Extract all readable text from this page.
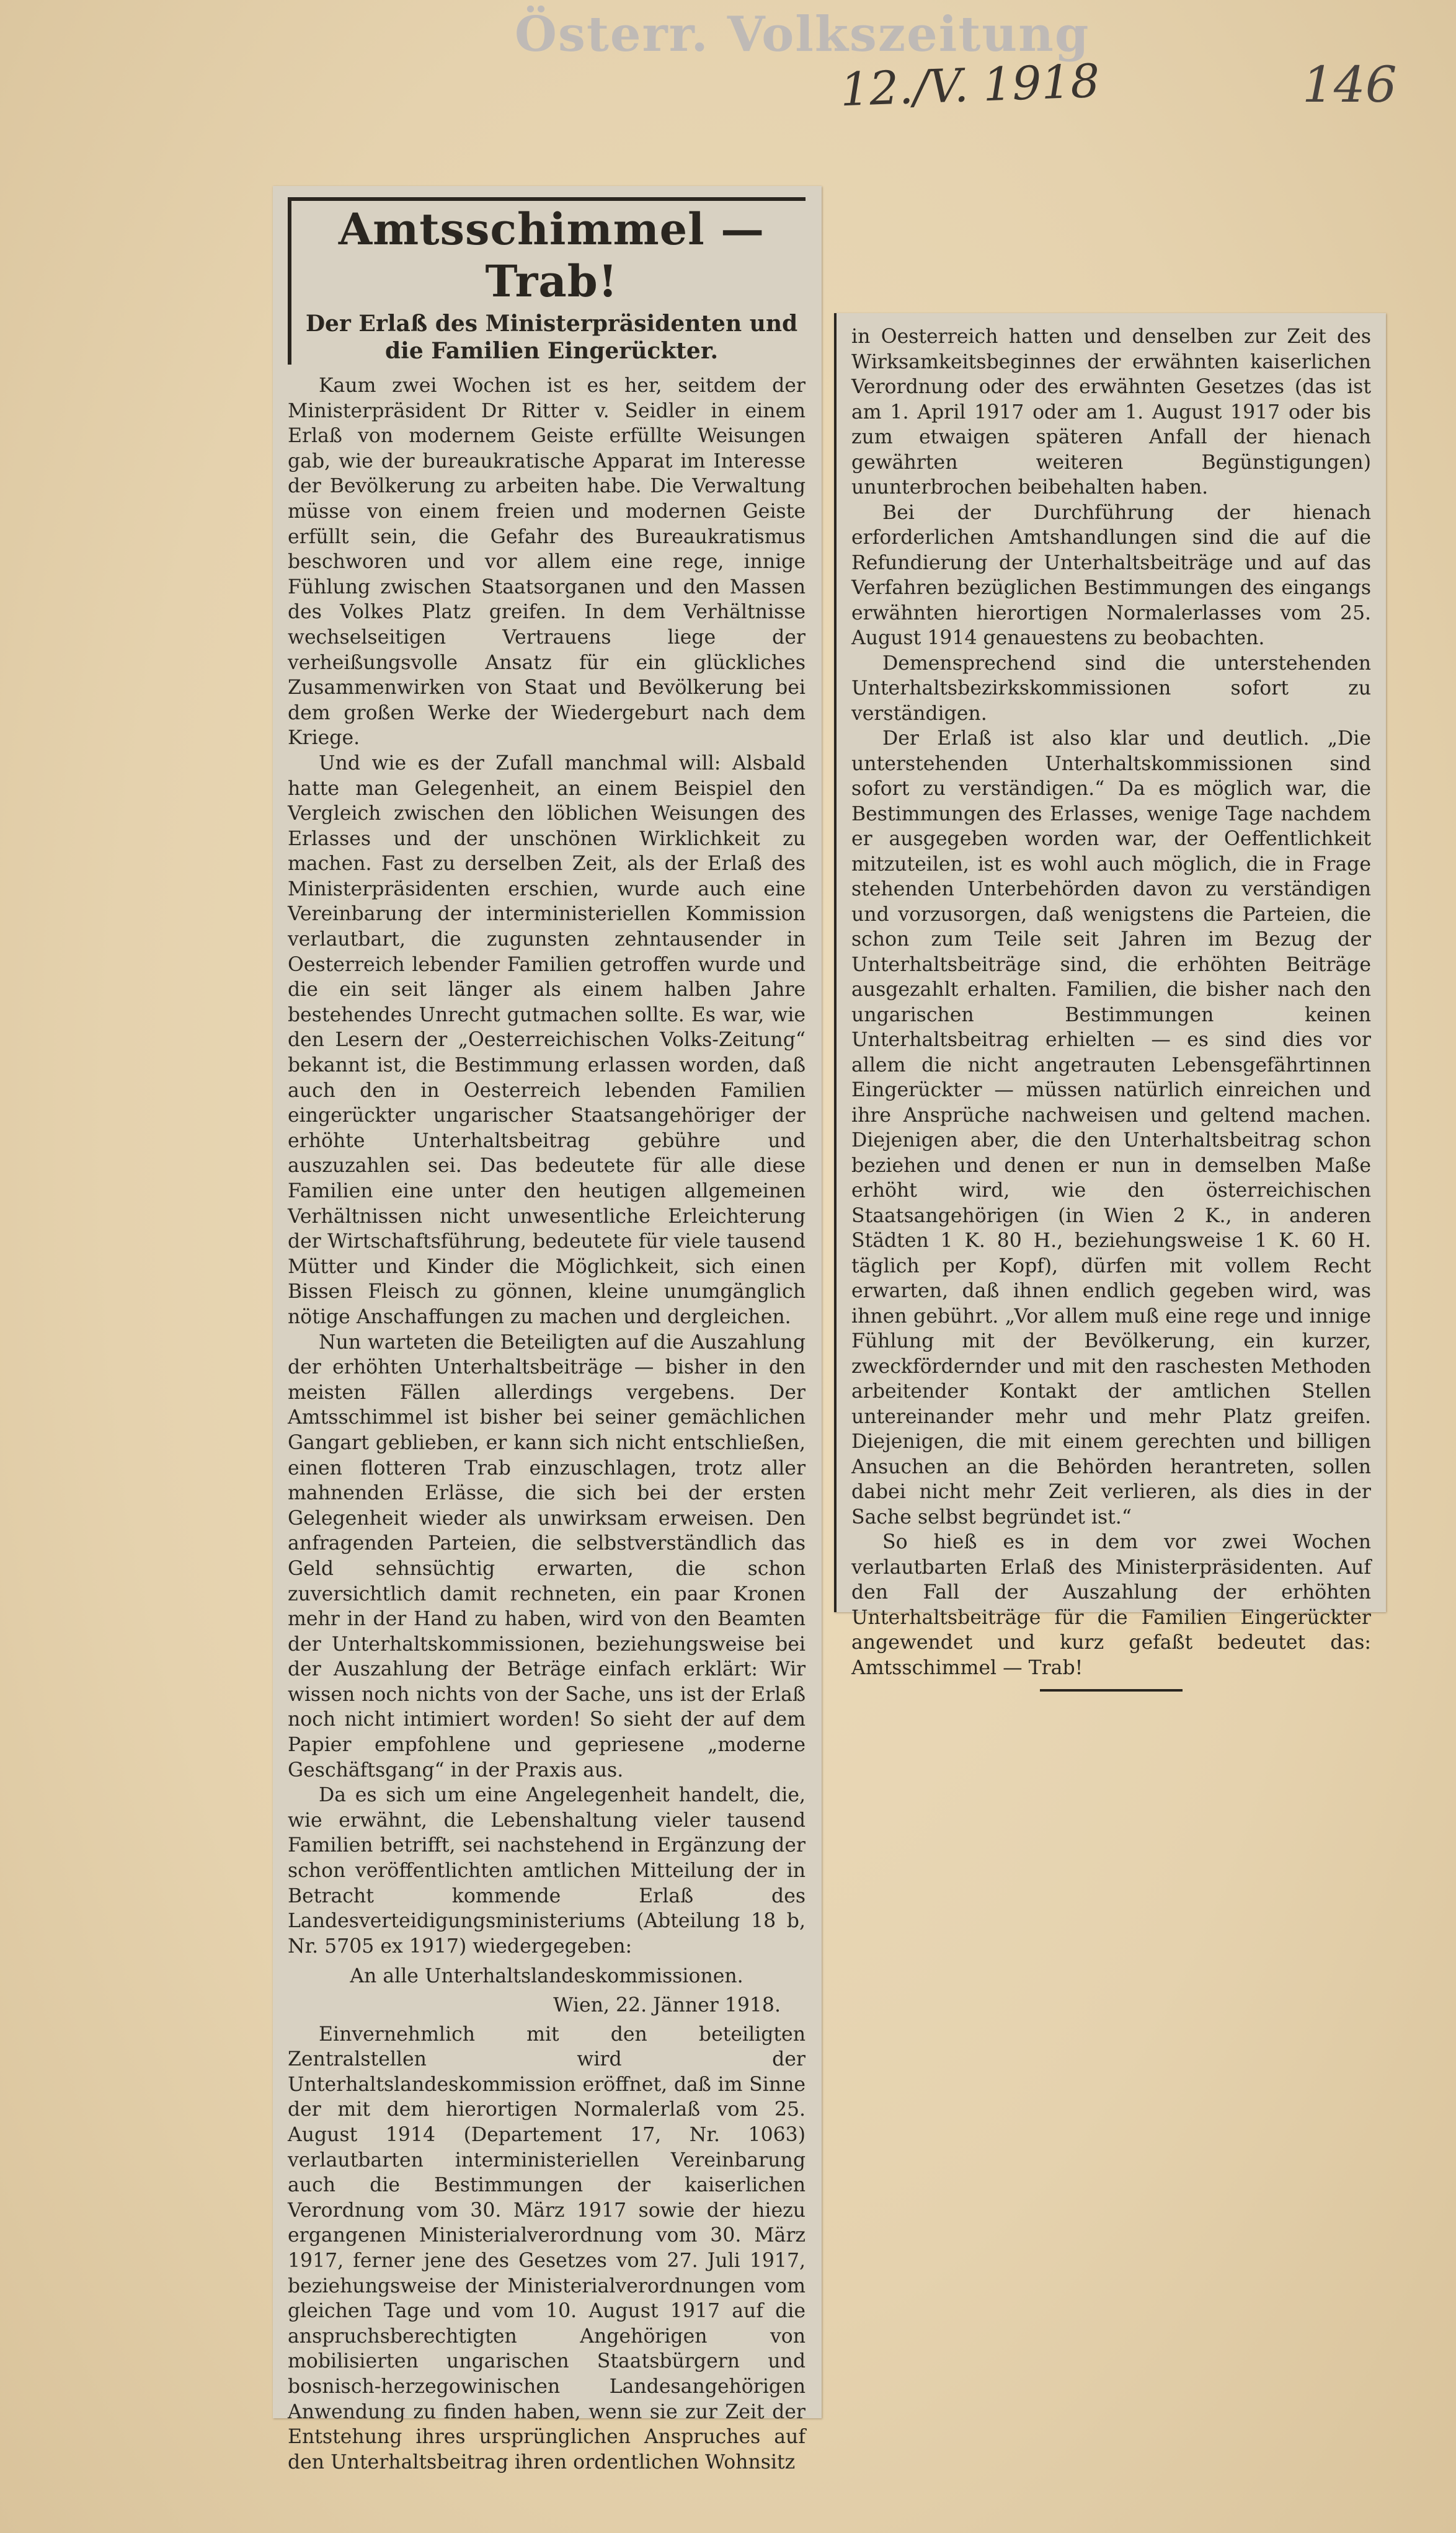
Österr. Volkszeitung
12./V. 1918	146
Amtsschimmel — Trab!
Der Erlaß des Ministerpräsidenten und die Familien Eingerückter.

Kaum zwei Wochen ist es her, seitdem der Ministerpräsident Dr Ritter v. Seidler in einem Erlaß von modernem Geiste erfüllte Weisungen gab, wie der bureaukratische Apparat im Interesse der Bevölkerung zu arbeiten habe. Die Verwaltung müsse von einem freien und modernen Geiste erfüllt sein, die Gefahr des Bureaukratismus beschworen und vor allem eine rege, innige Fühlung zwischen Staatsorganen und den Massen des Volkes Platz greifen. In dem Verhältnisse wechselseitigen Vertrauens liege der verheißungsvolle Ansatz für ein glückliches Zusammenwirken von Staat und Bevölkerung bei dem großen Werke der Wiedergeburt nach dem Kriege.

Und wie es der Zufall manchmal will: Alsbald hatte man Gelegenheit, an einem Beispiel den Vergleich zwischen den löblichen Weisungen des Erlasses und der unschönen Wirklichkeit zu machen. Fast zu derselben Zeit, als der Erlaß des Ministerpräsidenten erschien, wurde auch eine Vereinbarung der interministeriellen Kommission verlautbart, die zugunsten zehntausender in Oesterreich lebender Familien getroffen wurde und die ein seit länger als einem halben Jahre bestehendes Unrecht gutmachen sollte. Es war, wie den Lesern der „Oesterreichischen Volks-Zeitung“ bekannt ist, die Bestimmung erlassen worden, daß auch den in Oesterreich lebenden Familien eingerückter ungarischer Staatsangehöriger der erhöhte Unterhaltsbeitrag gebühre und auszuzahlen sei. Das bedeutete für alle diese Familien eine unter den heutigen allgemeinen Verhältnissen nicht unwesentliche Erleichterung der Wirtschaftsführung, bedeutete für viele tausend Mütter und Kinder die Möglichkeit, sich einen Bissen Fleisch zu gönnen, kleine unumgänglich nötige Anschaffungen zu machen und dergleichen.

Nun warteten die Beteiligten auf die Auszahlung der erhöhten Unterhaltsbeiträge — bisher in den meisten Fällen allerdings vergebens. Der Amtsschimmel ist bisher bei seiner gemächlichen Gangart geblieben, er kann sich nicht entschließen, einen flotteren Trab einzuschlagen, trotz aller mahnenden Erlässe, die sich bei der ersten Gelegenheit wieder als unwirksam erweisen. Den anfragenden Parteien, die selbstverständlich das Geld sehnsüchtig erwarten, die schon zuversichtlich damit rechneten, ein paar Kronen mehr in der Hand zu haben, wird von den Beamten der Unterhaltskommissionen, beziehungsweise bei der Auszahlung der Beträge einfach erklärt: Wir wissen noch nichts von der Sache, uns ist der Erlaß noch nicht intimiert worden! So sieht der auf dem Papier empfohlene und gepriesene „moderne Geschäftsgang“ in der Praxis aus.

Da es sich um eine Angelegenheit handelt, die, wie erwähnt, die Lebenshaltung vieler tausend Familien betrifft, sei nachstehend in Ergänzung der schon veröffentlichten amtlichen Mitteilung der in Betracht kommende Erlaß des Landesverteidigungsministeriums (Abteilung 18 b, Nr. 5705 ex 1917) wiedergegeben:

An alle Unterhaltslandeskommissionen.

Wien, 22. Jänner 1918.

Einvernehmlich mit den beteiligten Zentralstellen wird der Unterhaltslandeskommission eröffnet, daß im Sinne der mit dem hierortigen Normalerlaß vom 25. August 1914 (Departement 17, Nr. 1063) verlautbarten interministeriellen Vereinbarung auch die Bestimmungen der kaiserlichen Verordnung vom 30. März 1917 sowie der hiezu ergangenen Ministerialverordnung vom 30. März 1917, ferner jene des Gesetzes vom 27. Juli 1917, beziehungsweise der Ministerialverordnungen vom gleichen Tage und vom 10. August 1917 auf die anspruchsberechtigten Angehörigen von mobilisierten ungarischen Staatsbürgern und bosnisch-herzegowinischen Landesangehörigen Anwendung zu finden haben, wenn sie zur Zeit der Entstehung ihres ursprünglichen Anspruches auf den Unterhaltsbeitrag ihren ordentlichen Wohnsitz

in Oesterreich hatten und denselben zur Zeit des Wirksamkeitsbeginnes der erwähnten kaiserlichen Verordnung oder des erwähnten Gesetzes (das ist am 1. April 1917 oder am 1. August 1917 oder bis zum etwaigen späteren Anfall der hienach gewährten weiteren Begünstigungen) ununterbrochen beibehalten haben.

Bei der Durchführung der hienach erforderlichen Amtshandlungen sind die auf die Refundierung der Unterhaltsbeiträge und auf das Verfahren bezüglichen Bestimmungen des eingangs erwähnten hierortigen Normalerlasses vom 25. August 1914 genauestens zu beobachten.

Demensprechend sind die unterstehenden Unterhaltsbezirkskommissionen sofort zu verständigen.

Der Erlaß ist also klar und deutlich. „Die unterstehenden Unterhaltskommissionen sind sofort zu verständigen.“ Da es möglich war, die Bestimmungen des Erlasses, wenige Tage nachdem er ausgegeben worden war, der Oeffentlichkeit mitzuteilen, ist es wohl auch möglich, die in Frage stehenden Unterbehörden davon zu verständigen und vorzusorgen, daß wenigstens die Parteien, die schon zum Teile seit Jahren im Bezug der Unterhaltsbeiträge sind, die erhöhten Beiträge ausgezahlt erhalten. Familien, die bisher nach den ungarischen Bestimmungen keinen Unterhaltsbeitrag erhielten — es sind dies vor allem die nicht angetrauten Lebensgefährtinnen Eingerückter — müssen natürlich einreichen und ihre Ansprüche nachweisen und geltend machen. Diejenigen aber, die den Unterhaltsbeitrag schon beziehen und denen er nun in demselben Maße erhöht wird, wie den österreichischen Staatsangehörigen (in Wien 2 K., in anderen Städten 1 K. 80 H., beziehungsweise 1 K. 60 H. täglich per Kopf), dürfen mit vollem Recht erwarten, daß ihnen endlich gegeben wird, was ihnen gebührt. „Vor allem muß eine rege und innige Fühlung mit der Bevölkerung, ein kurzer, zweckfördernder und mit den raschesten Methoden arbeitender Kontakt der amtlichen Stellen untereinander mehr und mehr Platz greifen. Diejenigen, die mit einem gerechten und billigen Ansuchen an die Behörden herantreten, sollen dabei nicht mehr Zeit verlieren, als dies in der Sache selbst begründet ist.“

So hieß es in dem vor zwei Wochen verlautbarten Erlaß des Ministerpräsidenten. Auf den Fall der Auszahlung der erhöhten Unterhaltsbeiträge für die Familien Eingerückter angewendet und kurz gefaßt bedeutet das: Amtsschimmel — Trab!
